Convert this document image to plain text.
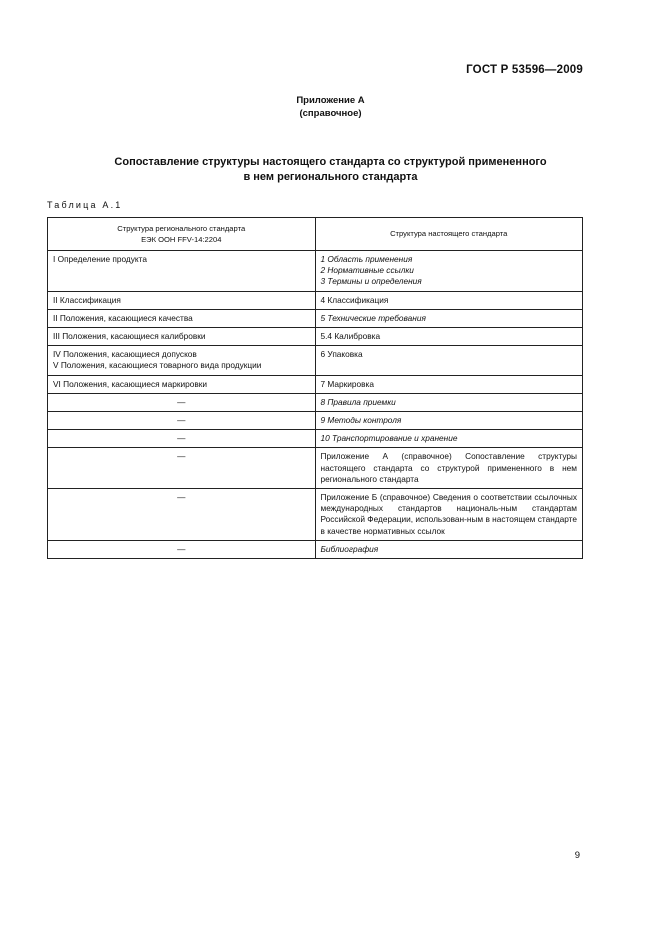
ГОСТ Р 53596—2009
Приложение А
(справочное)
Сопоставление структуры настоящего стандарта со структурой примененного
в нем регионального стандарта
Таблица А.1
Структура регионального стандарта
ЕЭК ООН FFV-14:2204	Структура настоящего стандарта

I Определение продукта	1 Область применения
2 Нормативные ссылки
3 Термины и определения

II Классификация	4 Классификация

II Положения, касающиеся качества	5 Технические требования

III Положения, касающиеся калибровки	5.4 Калибровка

IV Положения, касающиеся допусков
V Положения, касающиеся товарного вида продукции	6 Упаковка

VI Положения, касающиеся маркировки	7 Маркировка

—	8 Правила приемки

—	9 Методы контроля

—	10 Транспортирование и хранение

—	Приложение А (справочное) Сопоставление структуры настоящего стандарта со структурой примененного в нем регионального стандарта

—	Приложение Б (справочное) Сведения о соответствии ссылочных международных стандартов националь-ным стандартам Российской Федерации, использован-ным в настоящем стандарте в качестве нормативных ссылок

—	Библиография
9
